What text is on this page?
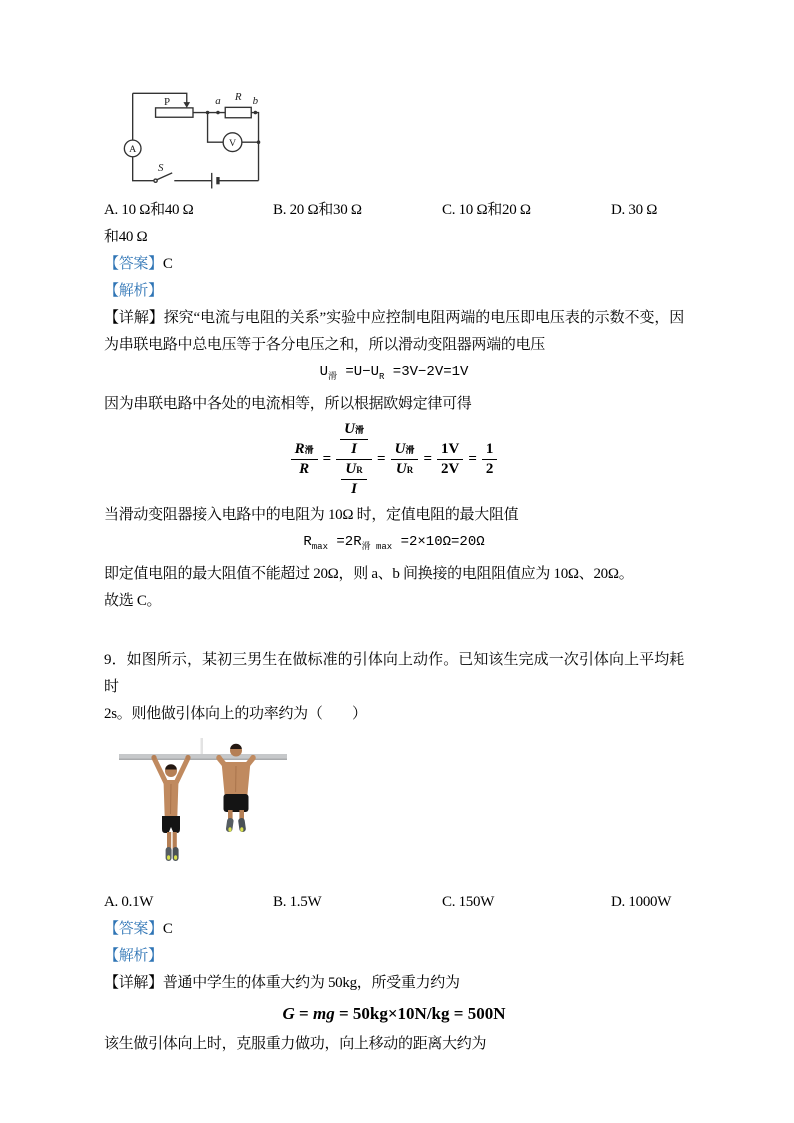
P	a R b
A
V
S
A. 10 Ω和40 Ω	B. 20 Ω和30 Ω	C. 10 Ω和20 Ω	D. 30 Ω

和40 Ω

【答案】C

【解析】

【详解】探究“电流与电阻的关系”实验中应控制电阻两端的电压即电压表的示数不变，因为串联电路中总电压等于各分电压之和，所以滑动变阻器两端的电压

$U_滑 =U-U_R =3V-2V=1V$

因为串联电路中各处的电流相等，所以根据欧姆定律可得

$\frac{\text{R 滑}}{R} = \frac{\frac{\text{U 滑}}{I}}{\frac{\text{U R}}{I}} = \frac{\text{U 滑}}{\text{U R}} = \frac{1V}{2V} = \frac{1}{2}$

当滑动变阻器接入电路中的电阻为 10Ω 时，定值电阻的最大阻值

$R_{max} =2R_{滑 max} =2\times 10\Omega=20\Omega$

即定值电阻的最大阻值不能超过 20Ω，则 a、b 间换接的电阻阻值应为 10Ω、20Ω。

故选 C。

9．如图所示，某初三男生在做标准的引体向上动作。已知该生完成一次引体向上平均耗时

2s。则他做引体向上的功率约为（　　）

A. 0.1W	B. 1.5W	C. 150W	D. 1000W

【答案】C

【解析】

【详解】普通中学生的体重大约为 50kg，所受重力约为

G = mg = 50kg×10N/kg = 500N

该生做引体向上时，克服重力做功，向上移动的距离大约为
